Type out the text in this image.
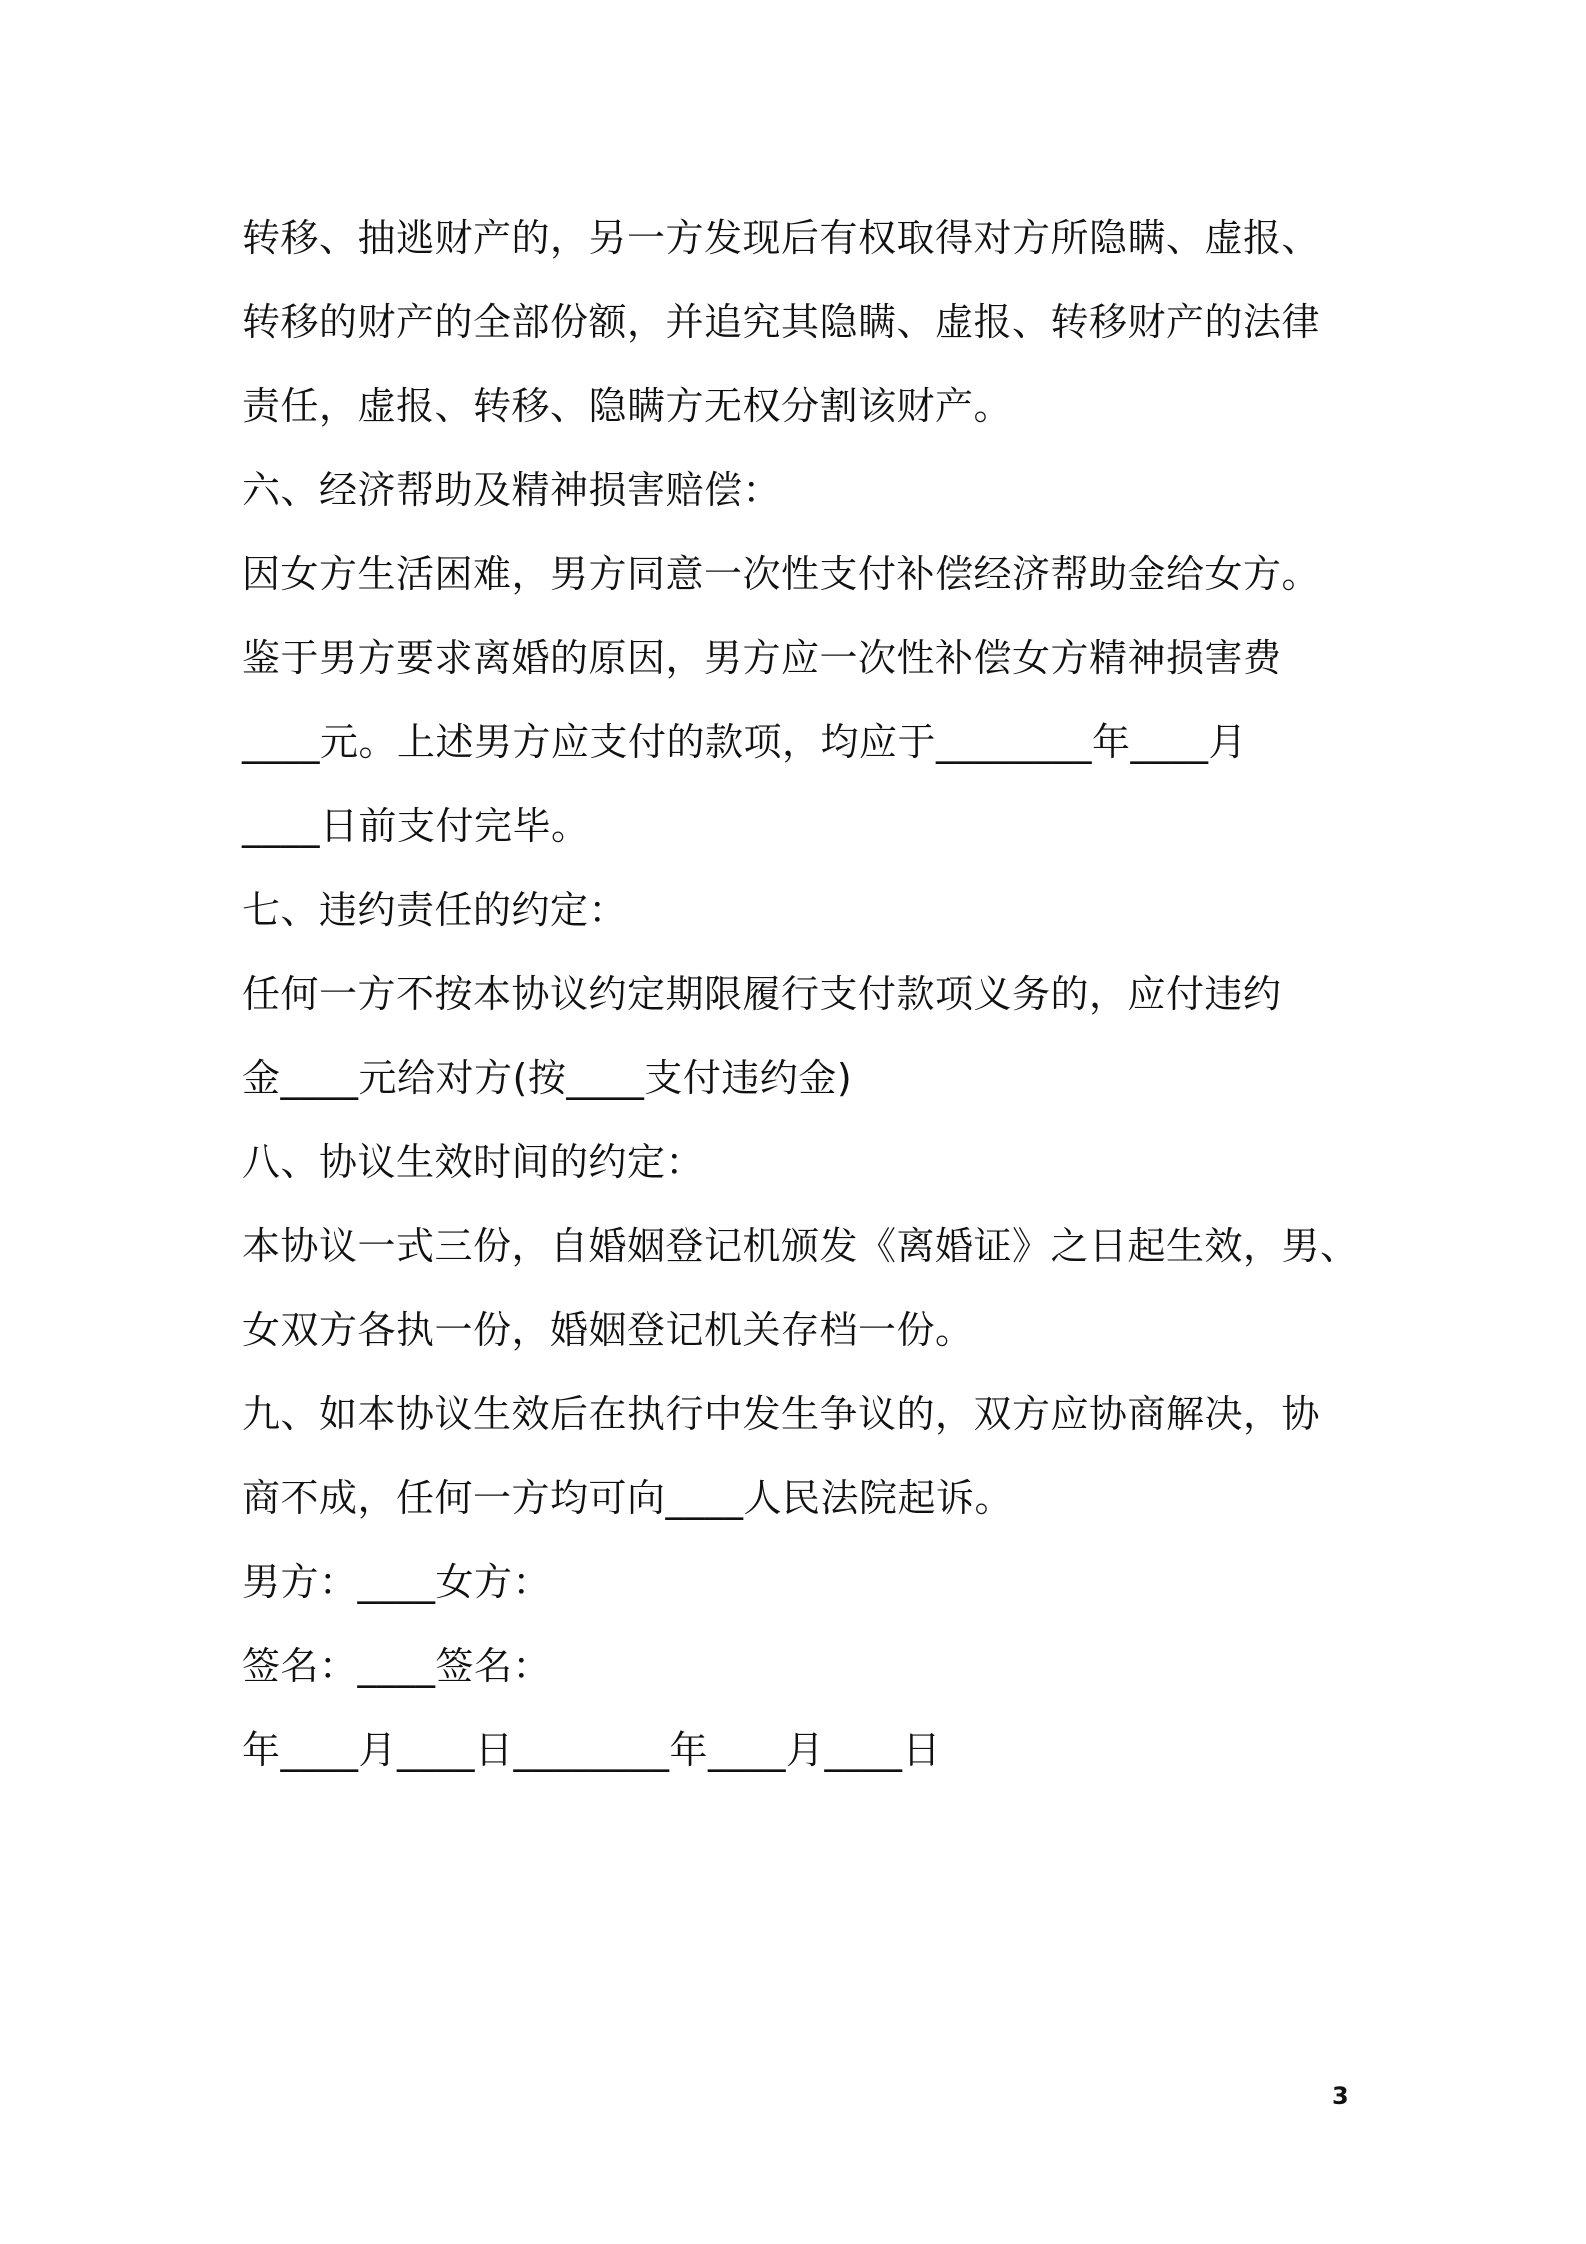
转移、抽逃财产的，另一方发现后有权取得对方所隐瞒、虚报、
转移的财产的全部份额，并追究其隐瞒、虚报、转移财产的法律
责任，虚报、转移、隐瞒方无权分割该财产。
六、经济帮助及精神损害赔偿：
因女方生活困难，男方同意一次性支付补偿经济帮助金给女方。
鉴于男方要求离婚的原因，男方应一次性补偿女方精神损害费
____元。上述男方应支付的款项，均应于________年____月
____日前支付完毕。
七、违约责任的约定：
任何一方不按本协议约定期限履行支付款项义务的，应付违约
金____元给对方(按____支付违约金)
八、协议生效时间的约定：
本协议一式三份，自婚姻登记机颁发《离婚证》之日起生效，男、
女双方各执一份，婚姻登记机关存档一份。
九、如本协议生效后在执行中发生争议的，双方应协商解决，协
商不成，任何一方均可向____人民法院起诉。
男方：____女方：
签名：____签名：
年____月____日________年____月____日
3
